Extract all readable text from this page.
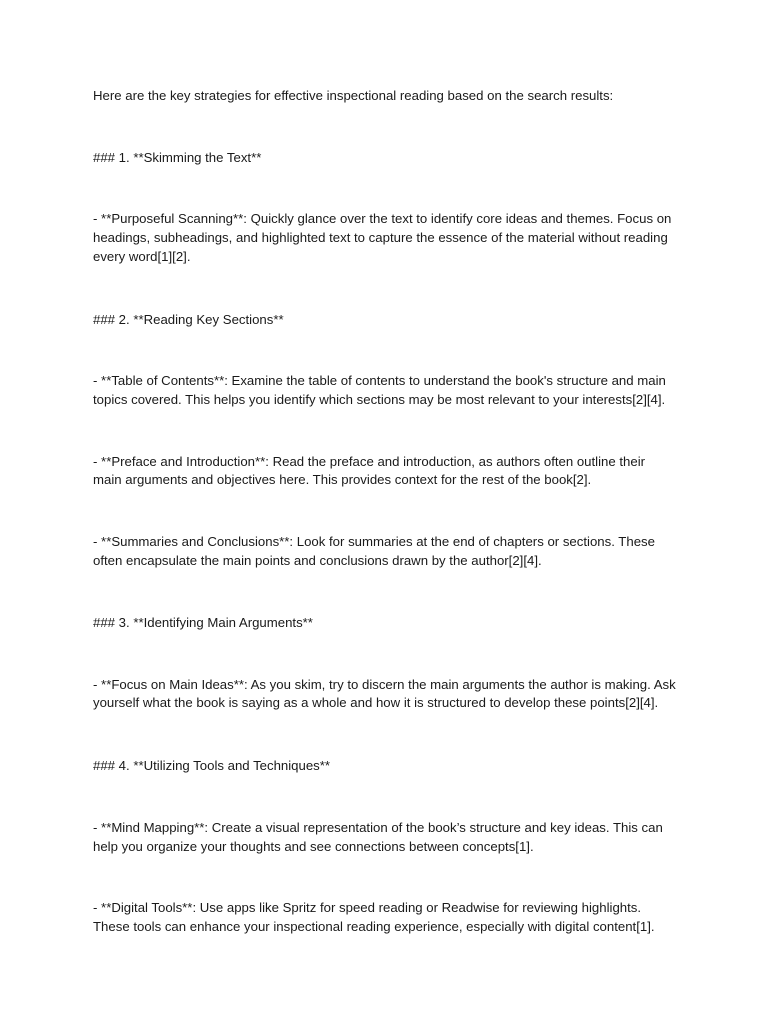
Here are the key strategies for effective inspectional reading based on the search results:
### 1. **Skimming the Text**
- **Purposeful Scanning**: Quickly glance over the text to identify core ideas and themes. Focus on
headings, subheadings, and highlighted text to capture the essence of the material without reading
every word[1][2].
### 2. **Reading Key Sections**
- **Table of Contents**: Examine the table of contents to understand the book's structure and main
topics covered. This helps you identify which sections may be most relevant to your interests[2][4].
- **Preface and Introduction**: Read the preface and introduction, as authors often outline their
main arguments and objectives here. This provides context for the rest of the book[2].
- **Summaries and Conclusions**: Look for summaries at the end of chapters or sections. These
often encapsulate the main points and conclusions drawn by the author[2][4].
### 3. **Identifying Main Arguments**
- **Focus on Main Ideas**: As you skim, try to discern the main arguments the author is making. Ask
yourself what the book is saying as a whole and how it is structured to develop these points[2][4].
### 4. **Utilizing Tools and Techniques**
- **Mind Mapping**: Create a visual representation of the book’s structure and key ideas. This can
help you organize your thoughts and see connections between concepts[1].
- **Digital Tools**: Use apps like Spritz for speed reading or Readwise for reviewing highlights.
These tools can enhance your inspectional reading experience, especially with digital content[1].
